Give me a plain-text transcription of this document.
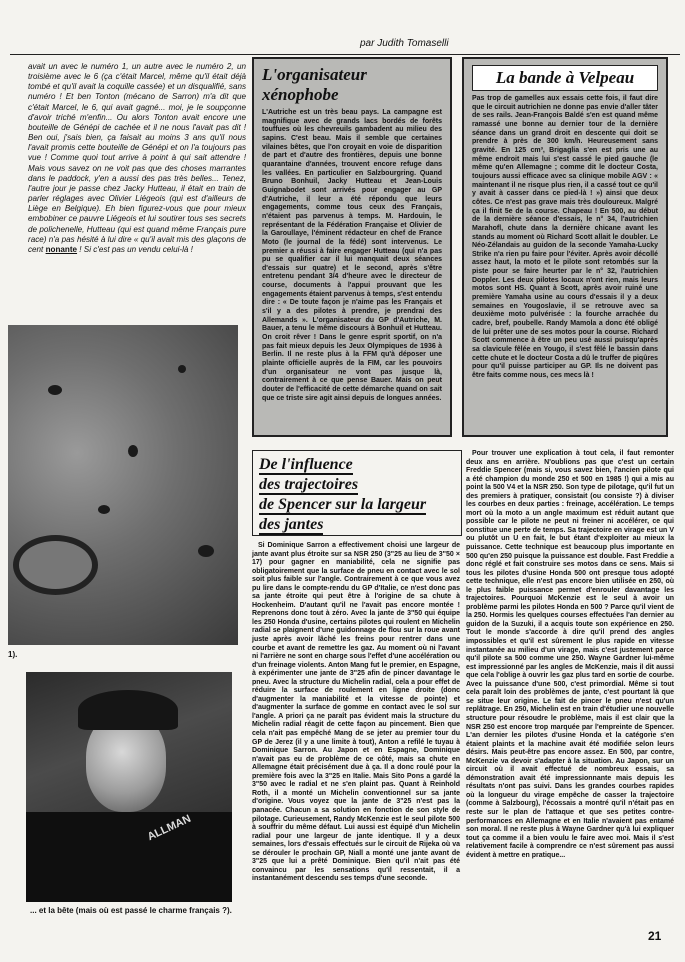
par Judith Tomaselli

avait un avec le numéro 1, un autre avec le numéro 2, un troisième avec le 6 (ça c'était Marcel, même qu'il était déjà tombé et qu'il avait la coquille cassée) et un disqualifié, sans numéro ! Et ben Tonton (mécano de Sarron) m'a dit que c'était Marcel, le 6, qui avait gagné... moi, je le soupçonne d'avoir triché m'enfin... Ou alors Tonton avait encore une bouteille de Génépi de cachée et il ne nous l'avait pas dit ! Ben oui, j'sais bien, ça faisait au moins 3 ans qu'il nous l'avait promis cette bouteille de Génépi et on l'a toujours pas vue ! Comme quoi tout arrive à point à qui sait attendre ! Mais vous savez on ne voit pas que des choses marrantes dans le paddock, y'en a aussi des pas très belles... Tenez, l'autre jour je passe chez Jacky Hutteau, il était en train de parler réglages avec Olivier Liégeois (qui est d'ailleurs de Liège en Belgique). Eh bien figurez-vous que pour mieux embobiner ce pauvre Liégeois et lui soutirer tous ses secrets de polichenelle, Hutteau (qui est quand même Français pure race) n'a pas hésité à lui dire « qu'il avait mis des glaçons de cent nonante ! Si c'est pas un vendu celui-là !

1).
ALLMAN
... et la bête (mais où est passé le charme français ?).
L'organisateur xénophobe
L'Autriche est un très beau pays. La campagne est magnifique avec de grands lacs bordés de forêts touffues où les chevreuils gambadent au milieu des sapins. C'est beau. Mais il semble que certaines vilaines bêtes, que l'on croyait en voie de disparition de part et d'autre des frontières, depuis une bonne quarantaine d'années, trouvent encore refuge dans les vallées. En particulier en Salzbourgring. Quand Bruno Bonhuil, Jacky Hutteau et Jean-Louis Guignabodet sont arrivés pour engager au GP d'Autriche, il leur a été répondu que leurs engagements, comme tous ceux des Français, n'étaient pas parvenus à temps. M. Hardouin, le représentant de la Fédération Française et Olivier de la Garoullaye, l'éminent rédacteur en chef de France Moto (le journal de la fédé) sont intervenus. Le premier a réussi à faire engager Hutteau (qui n'a pas pu se qualifier car il lui manquait deux séances d'essais sur quatre) et le second, après s'être entretenu pendant 3/4 d'heure avec le directeur de course, documents à l'appui prouvant que les engagements étaient parvenus à temps, s'est entendu dire : « De toute façon je n'aime pas les Français et s'il y a des pilotes à prendre, je prendrai des Allemands ». L'organisateur du GP d'Autriche, M. Bauer, a tenu le même discours à Bonhuil et Hutteau. On croit rêver ! Dans le genre esprit sportif, on n'a pas fait mieux depuis les Jeux Olympiques de 1936 à Berlin. Il ne reste plus à la FFM qu'à déposer une plainte officielle auprès de la FIM, car les pouvoirs d'un organisateur ne vont pas jusque là, contrairement à ce que pense Bauer. Mais on peut douter de l'efficacité de cette démarche quand on sait que ce triste sire agit ainsi depuis de longues années.
La bande à Velpeau
Pas trop de gamelles aux essais cette fois, il faut dire que le circuit autrichien ne donne pas envie d'aller tâter de ses rails. Jean-François Baldé s'en est quand même ramassé une bonne au dernier tour de la dernière séance dans un grand droit en descente qui doit se prendre à près de 300 km/h. Heureusement sans gravité. En 125 cm³, Brigaglia s'en est pris une au même endroit mais lui s'est cassé le pied gauche (le même qu'en Allemagne ; comme dit le docteur Costa, toujours aussi efficace avec sa clinique mobile AGV : « maintenant il ne risque plus rien, il a cassé tout ce qu'il y avait à casser dans ce pied-là ! ») ainsi que deux côtes. Ce n'est pas grave mais très douloureux. Malgré ça il finit 5e de la course. Chapeau ! En 500, au début de la dernière séance d'essais, le n° 34, l'autrichien Marahofl, chute dans la dernière chicane avant les stands au moment où Richard Scott allait le doubler. Le Néo-Zélandais au guidon de la seconde Yamaha-Lucky Strike n'a rien pu faire pour l'éviter. Après avoir décollé assez haut, la moto et le pilote sont retombés sur la piste pour se faire heurter par le n° 32, l'autrichien Doppler. Les deux pilotes locaux n'ont rien, mais leurs motos sont HS. Quant à Scott, après avoir ruiné une première Yamaha usine au cours d'essais il y a deux semaines en Yougoslavie, il se retrouve avec sa deuxième moto pulvérisée : la fourche arrachée du cadre, bref, poubelle. Randy Mamola a donc été obligé de lui prêter une de ses motos pour la course. Richard Scott commence à être un peu usé aussi puisqu'après sa clavicule fêlée en Yougo, il s'est fêlé le bassin dans cette chute et le docteur Costa a dû le truffer de piqûres pour qu'il puisse participer au GP. Ils ne doivent pas être faits comme nous, ces mecs là !
De l'influence
des trajectoires
de Spencer sur la largeur
des jantes

Si Dominique Sarron a effectivement choisi une largeur de jante avant plus étroite sur sa NSR 250 (3"25 au lieu de 3"50 × 17) pour gagner en maniabilité, cela ne signifie pas obligatoirement que la surface de pneu en contact avec le sol soit plus faible sur l'angle. Contrairement à ce que vous avez pu lire dans le compte-rendu du GP d'Italie, ce n'est donc pas sa jante étroite qui peut être à l'origine de sa chute à Hockenheim. D'autant qu'il ne l'avait pas encore montée ! Reprenons donc tout à zéro. Avec la jante de 3"50 qui équipe les 250 Honda d'usine, certains pilotes qui roulent en Michelin radial se plaignent d'une guidonnage de flou sur la roue avant juste après avoir lâché les freins pour rentrer dans une courbe et avant de remettre les gaz. Au moment où ni l'avant ni l'arrière ne sont en charge sous l'effet d'une accélération ou d'un freinage violents. Anton Mang fut le premier, en Espagne, à expérimenter une jante de 3"25 afin de pincer davantage le pneu. Avec la structure du Michelin radial, cela a pour effet de réduire la surface de roulement en ligne droite (donc d'augmenter la maniabilité et la vitesse de pointe) et d'augmenter la surface de gomme en contact avec le sol sur l'angle. A priori ça ne paraît pas évident mais la structure du Michelin radial réagit de cette façon au pincement. Bien que cela n'ait pas empêché Mang de se jeter au premier tour du GP de Jerez (il y a une limite à tout), Anton a refilé le tuyau à Dominique Sarron. Au Japon et en Espagne, Dominique n'avait pas eu de problème de ce côté, mais sa chute en Allemagne était précisément due à ça. Il a donc roulé pour la première fois avec la 3"25 en Italie. Mais Sito Pons a gardé la 3"50 avec le radial et ne s'en plaint pas. Quant à Reinhold Roth, il a monté un Michelin conventionnel sur sa jante d'origine. Vous voyez que la jante de 3"25 n'est pas la panacée. Chacun a sa solution en fonction de son style de pilotage. Curieusement, Randy McKenzie est le seul pilote 500 à souffrir du même défaut. Lui aussi est équipé d'un Michelin radial pour une largeur de jante identique. Il y a deux semaines, lors d'essais effectués sur le circuit de Rijeka où va se dérouler le prochain GP, Niall a monté une jante avant de 3"25 que lui a prêté Dominique. Bien qu'il n'ait pas été convaincu par les sensations qu'il ressentait, il a instantanément descendu ses temps d'une seconde.

Pour trouver une explication à tout cela, il faut remonter deux ans en arrière. N'oublions pas que c'est un certain Freddie Spencer (mais si, vous savez bien, l'ancien pilote qui a été champion du monde 250 et 500 en 1985 !) qui a mis au point la 500 V4 et la NSR 250. Son type de pilotage, qu'il fut un des premiers à pratiquer, consistait (ou consiste ?) à diviser les courbes en deux parties : freinage, accélération. Le temps mort où la moto a un angle maximum est réduit autant que possible car le pilote ne peut ni freiner ni accélérer, ce qui constitue une perte de temps. Sa trajectoire en virage est un V ou plutôt un U en fait, le but étant d'exploiter au mieux la puissance. Cette technique est beaucoup plus importante en 500 qu'en 250 puisque la puissance est double. Fast Freddie a donc réglé et fait construire ses motos dans ce sens. Mais si tous les pilotes d'usine Honda 500 ont presque tous adopté cette technique, elle n'est pas encore bien utilisée en 250, où le plus faible puissance permet d'enrouler davantage les trajectoires. Pourquoi McKenzie est le seul à avoir un problème parmi les pilotes Honda en 500 ? Parce qu'il vient de la 250. Hormis les quelques courses effectuées l'an dernier au guidon de la Suzuki, il a acquis toute son expérience en 250. Tout le monde s'accorde à dire qu'il prend des angles impossibles et qu'il est sûrement le plus rapide en vitesse instantanée au milieu d'un virage, mais c'est justement parce qu'il pilote sa 500 comme une 250. Wayne Gardner lui-même est impressionné par les angles de McKenzie, mais il dit aussi que cela l'oblige à ouvrir les gaz plus tard en sortie de courbe. Avec la puissance d'une 500, c'est primordial. Même si tout cela paraît loin des problèmes de jante, c'est pourtant là que se situe leur origine. Le fait de pincer le pneu n'est qu'un replâtrage. En 250, Michelin est en train d'étudier une nouvelle structure pour résoudre le problème, mais il est clair que la NSR 250 est encore trop marquée par l'empreinte de Spencer. L'an dernier les pilotes d'usine Honda et la catégorie s'en étaient plaints et la machine avait été modifiée selon leurs désirs. Mais peut-être pas encore assez. En 500, par contre, McKenzie va devoir s'adapter à la situation. Au Japon, sur un circuit où il avait effectué de nombreux essais, sa démonstration avait été impressionnante mais depuis les résultats n'ont pas suivi. Dans les grandes courbes rapides où la longueur du virage empêche de casser la trajectoire (comme à Salzbourg), l'écossais a montré qu'il n'était pas en reste sur le plan de l'attaque et que ses petites contre-performances en Allemagne et en Italie n'avaient pas entamé son moral. Il ne reste plus à Wayne Gardner qu'à lui expliquer tout ça comme il a bien voulu le faire avec moi. Mais il s'est relativement facile à comprendre ce n'est sûrement pas aussi évident à mettre en pratique...

21
